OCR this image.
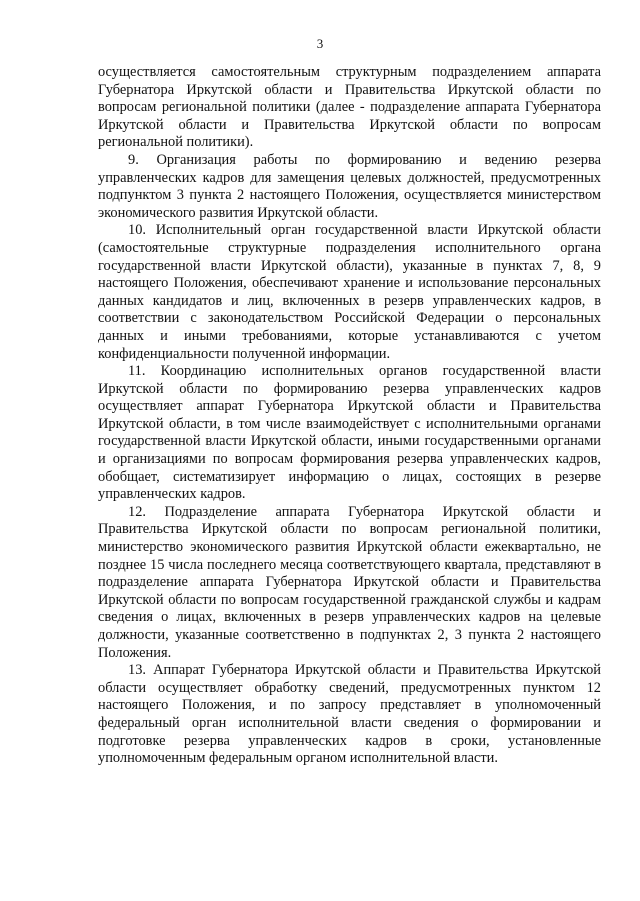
3

осуществляется самостоятельным структурным подразделением аппарата Губернатора Иркутской области и Правительства Иркутской области по вопросам региональной политики (далее - подразделение аппарата Губернатора Иркутской области и Правительства Иркутской области по вопросам региональной политики).

9. Организация работы по формированию и ведению резерва управленческих кадров для замещения целевых должностей, предусмотренных подпунктом 3 пункта 2 настоящего Положения, осуществляется министерством экономического развития Иркутской области.

10. Исполнительный орган государственной власти Иркутской области (самостоятельные структурные подразделения исполнительного органа государственной власти Иркутской области), указанные в пунктах 7, 8, 9 настоящего Положения, обеспечивают хранение и использование персональных данных кандидатов и лиц, включенных в резерв управленческих кадров, в соответствии с законодательством Российской Федерации о персональных данных и иными требованиями, которые устанавливаются с учетом конфиденциальности полученной информации.

11. Координацию исполнительных органов государственной власти Иркутской области по формированию резерва управленческих кадров осуществляет аппарат Губернатора Иркутской области и Правительства Иркутской области, в том числе взаимодействует с исполнительными органами государственной власти Иркутской области, иными государственными органами и организациями по вопросам формирования резерва управленческих кадров, обобщает, систематизирует информацию о лицах, состоящих в резерве управленческих кадров.

12. Подразделение аппарата Губернатора Иркутской области и Правительства Иркутской области по вопросам региональной политики, министерство экономического развития Иркутской области ежеквартально, не позднее 15 числа последнего месяца соответствующего квартала, представляют в подразделение аппарата Губернатора Иркутской области и Правительства Иркутской области по вопросам государственной гражданской службы и кадрам сведения о лицах, включенных в резерв управленческих кадров на целевые должности, указанные соответственно в подпунктах 2, 3 пункта 2 настоящего Положения.

13. Аппарат Губернатора Иркутской области и Правительства Иркутской области осуществляет обработку сведений, предусмотренных пунктом 12 настоящего Положения, и по запросу представляет в уполномоченный федеральный орган исполнительной власти сведения о формировании и подготовке резерва управленческих кадров в сроки, установленные уполномоченным федеральным органом исполнительной власти.
